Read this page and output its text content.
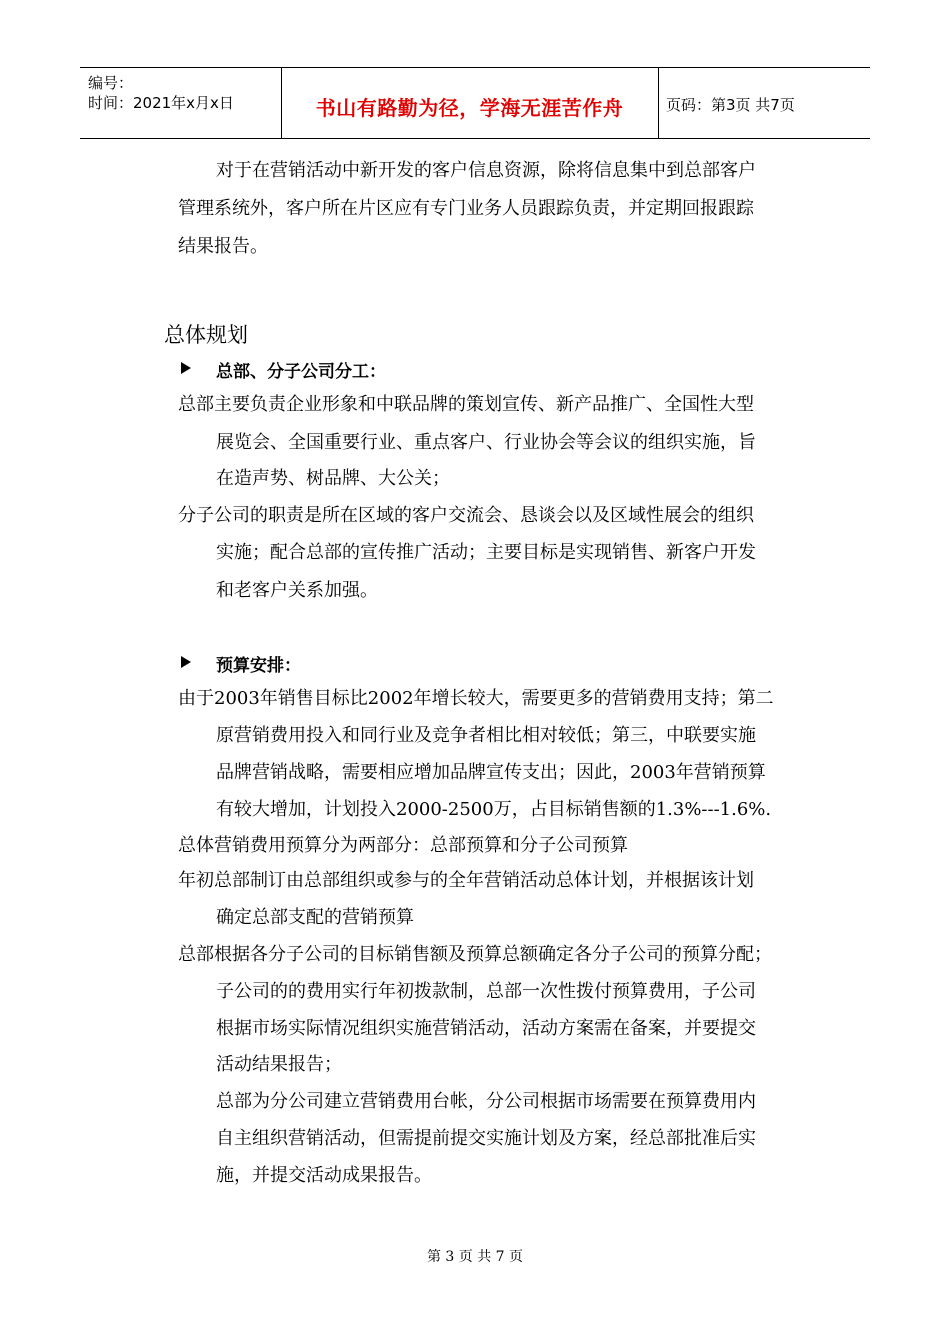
编号：
时间：2021年x月x日	书山有路勤为径，学海无涯苦作舟	页码：第3页 共7页
对于在营销活动中新开发的客户信息资源，除将信息集中到总部客户
管理系统外，客户所在片区应有专门业务人员跟踪负责，并定期回报跟踪
结果报告。
总体规划
总部、分子公司分工：
总部主要负责企业形象和中联品牌的策划宣传、新产品推广、全国性大型
展览会、全国重要行业、重点客户、行业协会等会议的组织实施，旨
在造声势、树品牌、大公关；
分子公司的职责是所在区域的客户交流会、恳谈会以及区域性展会的组织
实施；配合总部的宣传推广活动；主要目标是实现销售、新客户开发
和老客户关系加强。
预算安排：
由于2003年销售目标比2002年增长较大，需要更多的营销费用支持；第二
原营销费用投入和同行业及竞争者相比相对较低；第三，中联要实施
品牌营销战略，需要相应增加品牌宣传支出；因此，2003年营销预算
有较大增加，计划投入2000-2500万，占目标销售额的1.3%---1.6%.
总体营销费用预算分为两部分：总部预算和分子公司预算
年初总部制订由总部组织或参与的全年营销活动总体计划，并根据该计划
确定总部支配的营销预算
总部根据各分子公司的目标销售额及预算总额确定各分子公司的预算分配；
子公司的的费用实行年初拨款制，总部一次性拨付预算费用，子公司
根据市场实际情况组织实施营销活动，活动方案需在备案，并要提交
活动结果报告；
总部为分公司建立营销费用台帐，分公司根据市场需要在预算费用内
自主组织营销活动，但需提前提交实施计划及方案，经总部批准后实
施，并提交活动成果报告。
第 3 页 共 7 页
